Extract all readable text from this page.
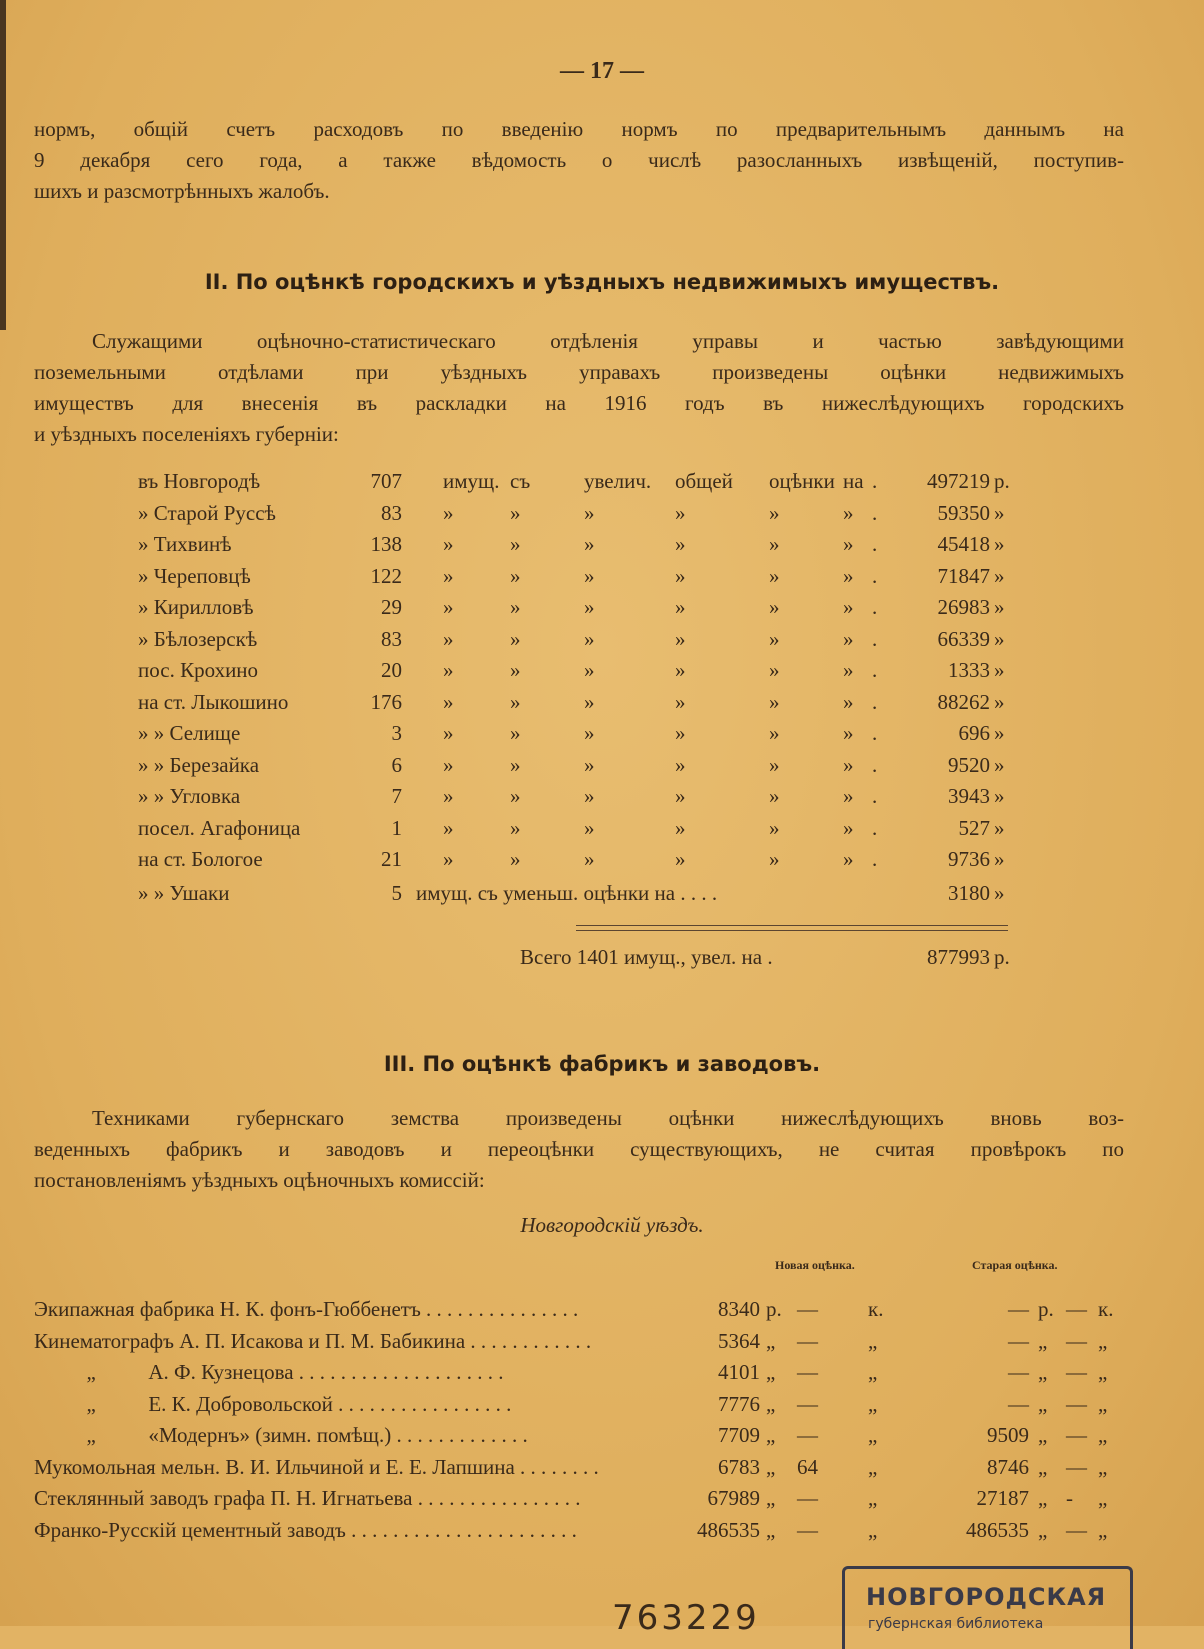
— 17 —
нормъ, общiй счетъ расходовъ по введенiю нормъ по предварительнымъ даннымъ на
9 декабря сего года, а также вѣдомость о числѣ разосланныхъ извѣщенiй, поступив-
шихъ и разсмотрѣнныхъ жалобъ.
II. По оцѣнкѣ городскихъ и уѣздныхъ недвижимыхъ имуществъ.
Служащими оцѣночно-статистическаго отдѣленія управы и частью завѣдующими
поземельными отдѣлами при уѣздныхъ управахъ произведены оцѣнки недвижимыхъ
имуществъ для внесенія въ раскладки на 1916 годъ въ нижеслѣдующихъ городскихъ
и уѣздныхъ поселеніяхъ губерніи:
въ Новгородѣ	707 имущ. съ	увелич. общей оцѣнки на . 497219 р.
» Старой Руссѣ	83 »	»	»	»	»	» .	59350 »
» Тихвинѣ	138 »	»	»	»	»	» .	45418 »
» Череповцѣ	122 »	»	»	»	»	» .	71847 »
» Кирилловѣ	29 »	»	»	»	»	» .	26983 »
» Бѣлозерскѣ	83 »	»	»	»	»	» .	66339 »
пос. Крохино	20 »	»	»	»	»	» .	1333 »
на ст. Лыкошино	176 »	»	»	»	»	» .	88262 »
» » Селище	3 »	»	»	»	»	» .	696 »
» » Березайка	6 »	»	»	»	»	» .	9520 »
» » Угловка	7 »	»	»	»	»	» .	3943 »
посел. Агафоница	1 »	»	»	»	»	» .	527 »
на ст. Бологое	21 »	»	»	»	»	» .	9736 »
» » Ушаки	5 имущ. съ уменьш. оцѣнки на . . . .	3180 »
Всего 1401 имущ., увел. на .	877993 р.
III. По оцѣнкѣ фабрикъ и заводовъ.
Техниками губернскаго земства произведены оцѣнки нижеслѣдующихъ вновь воз-
веденныхъ фабрикъ и заводовъ и переоцѣнки существующихъ, не считая провѣрокъ по
постановленіямъ уѣздныхъ оцѣночныхъ комиссій:
Новгородскiй уѣздъ.
Новая оцѣнка.	Старая оцѣнка.
Экипажная фабрика Н. К. фонъ-Гюббенетъ . . . . . . . . . . . . . . .	8340 р. — к.	— р. — к.
Кинематографъ А. П. Исакова и П. М. Бабикина . . . . . . . . . . . .	5364 „ — „	— „ — „
„          А. Ф. Кузнецова . . . . . . . . . . . . . . . . . . . .	4101 „ — „	— „ — „
„          Е. К. Добровольской . . . . . . . . . . . . . . . . .	7776 „ — „	— „ — „
„          «Модернъ» (зимн. помѣщ.) . . . . . . . . . . . . .	7709 „ — „	9509 „ — „
Мукомольная мельн. В. И. Ильчиной и Е. Е. Лапшина . . . . . . . .	6783 „ 64 „	8746 „ — „
Стеклянный заводъ графа П. Н. Игнатьева . . . . . . . . . . . . . . . .	67989 „ — „	27187 „ - „
Франко-Русскiй цементный заводъ . . . . . . . . . . . . . . . . . . . . . .	486535 „ — „	486535 „ — „
763229
НОВГОРОДСКАЯ
губернская библиотека
